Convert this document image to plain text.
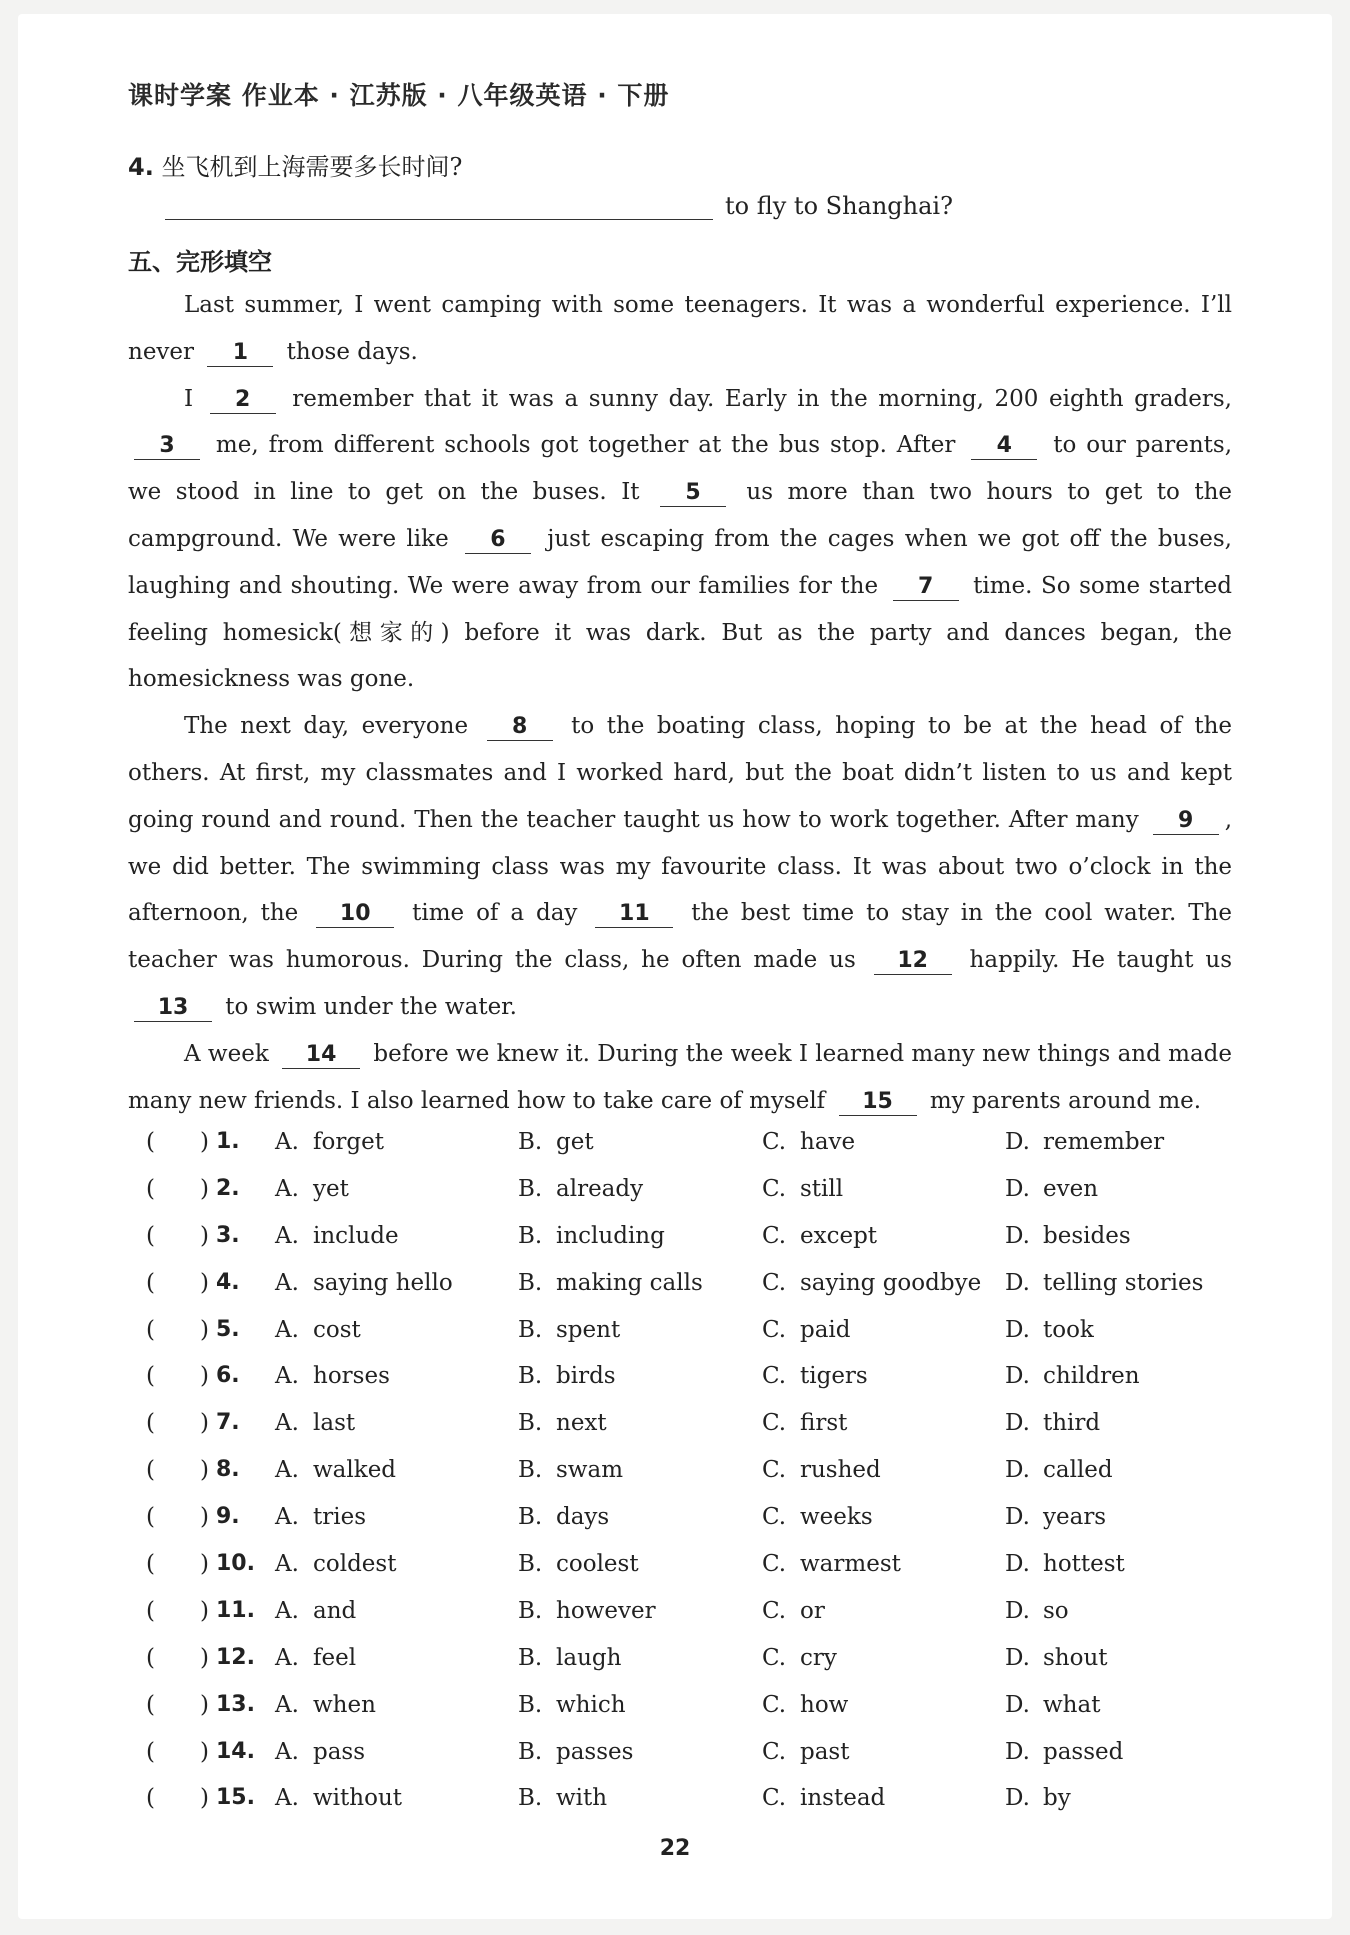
课时学案 作业本 · 江苏版 · 八年级英语 · 下册
4. 坐飞机到上海需要多长时间?
to fly to Shanghai?
五、完形填空

Last summer, I went camping with some teenagers. It was a wonderful experience. I’ll never 1 those days.

I 2 remember that it was a sunny day. Early in the morning, 200 eighth graders, 3 me, from different schools got together at the bus stop. After 4 to our parents, we stood in line to get on the buses. It 5 us more than two hours to get to the campground. We were like 6 just escaping from the cages when we got off the buses, laughing and shouting. We were away from our families for the 7 time. So some started feeling homesick(想家的) before it was dark. But as the party and dances began, the homesickness was gone.

The next day, everyone 8 to the boating class, hoping to be at the head of the others. At first, my classmates and I worked hard, but the boat didn’t listen to us and kept going round and round. Then the teacher taught us how to work together. After many 9 , we did better. The swimming class was my favourite class. It was about two o’clock in the afternoon, the 10 time of a day 11 the best time to stay in the cool water. The teacher was humorous. During the class, he often made us 12 happily. He taught us 13 to swim under the water.

A week 14 before we knew it. During the week I learned many new things and made many new friends. I also learned how to take care of myself 15 my parents around me.

( ) 1. A. forget	B. get	C. have	D. remember
( ) 2. A. yet	B. already	C. still	D. even
( ) 3. A. include	B. including	C. except	D. besides
( ) 4. A. saying hello	B. making calls	C. saying goodbye D. telling stories
( ) 5. A. cost	B. spent	C. paid	D. took
( ) 6. A. horses	B. birds	C. tigers	D. children
( ) 7. A. last	B. next	C. first	D. third
( ) 8. A. walked	B. swam	C. rushed	D. called
( ) 9. A. tries	B. days	C. weeks	D. years
( ) 10. A. coldest	B. coolest	C. warmest	D. hottest
( ) 11. A. and	B. however	C. or	D. so
( ) 12. A. feel	B. laugh	C. cry	D. shout
( ) 13. A. when	B. which	C. how	D. what
( ) 14. A. pass	B. passes	C. past	D. passed
( ) 15. A. without	B. with	C. instead	D. by
22
